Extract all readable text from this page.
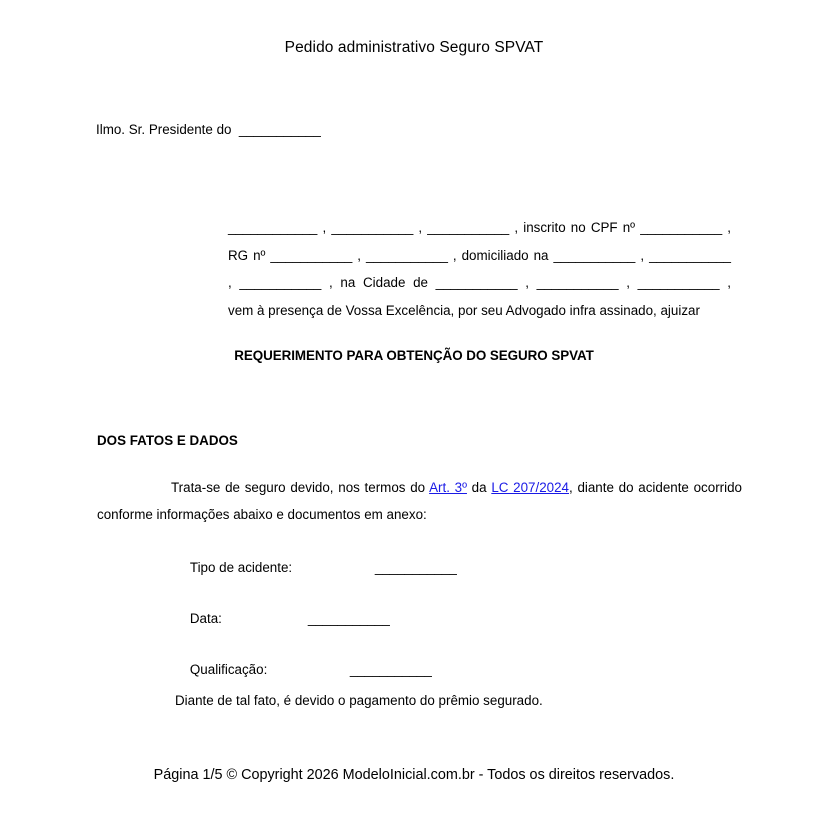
Pedido administrativo Seguro SPVAT
Ilmo. Sr. Presidente do  ___________
____________ , ___________ , ___________ , inscrito no CPF nº ___________ ,
RG nº ___________ , ___________ , domiciliado na ___________ , ___________
, ___________ , na Cidade de ___________ , ___________ , ___________ ,
vem à presença de Vossa Excelência, por seu Advogado infra assinado, ajuizar
REQUERIMENTO PARA OBTENÇÃO DO SEGURO SPVAT
DOS FATOS E DADOS
Trata-se de seguro devido, nos termos do Art. 3º da LC 207/2024, diante do acidente ocorrido conforme informações abaixo e documentos em anexo:

Tipo de acidente:	___________

Data:	___________

Qualificação:	___________

Diante de tal fato, é devido o pagamento do prêmio segurado.
Página 1/5 © Copyright 2026 ModeloInicial.com.br - Todos os direitos reservados.
